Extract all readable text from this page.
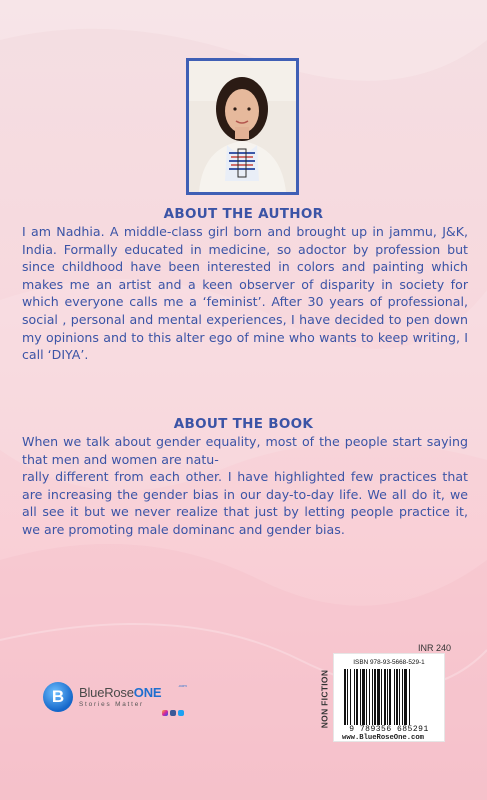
ABOUT THE AUTHOR
I am Nadhia. A middle-class girl born and brought up in jammu, J&K, India. Formally educated in medicine, so adoctor by profession but since childhood have been interested in colors and painting which makes me an artist and a keen observer of disparity in society for which everyone calls me a ‘feminist’. After 30 years of professional, social , personal and mental experiences, I have decided to pen down my opinions and to this alter ego of mine who wants to keep writing, I call ‘DIYA’.
ABOUT THE BOOK
When we talk about gender equality, most of the people start saying that men and women are natu-
rally different from each other. I have highlighted few practices that are increasing the gender bias in our day-to-day life. We all do it, we all see it but we never realize that just by letting people practice it, we are promoting male dominanc and gender bias.
B	BlueRoseONE	.com
Stories Matter
INR 240
NON FICTION
ISBN 978-93-5668-529-1
9 789356 685291
www.BlueRoseOne.com
